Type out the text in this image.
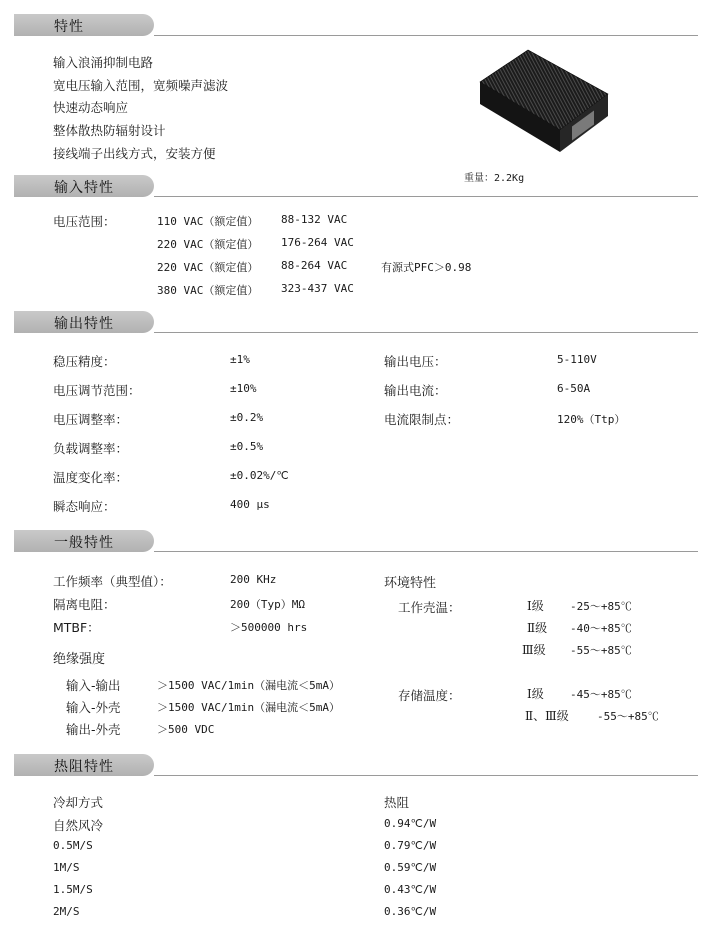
特性
输入浪涌抑制电路
宽电压输入范围，宽频噪声滤波
快速动态响应
整体散热防辐射设计
接线端子出线方式，安装方便
重量：2.2Kg
输入特性
电压范围：	110 VAC（额定值） 88-132 VAC
220 VAC（额定值） 176-264 VAC
220 VAC（额定值） 88-264 VAC	有源式PFC＞0.98
380 VAC（额定值） 323-437 VAC
输出特性
稳压精度：	±1%
电压调节范围：	±10%
电压调整率：	±0.2%
负载调整率：	±0.5%
温度变化率：	±0.02%/℃
瞬态响应：	400 μs
输出电压：	5-110V
输出电流：	6-50A
电流限制点：	120%（Ttp）
一般特性
工作频率（典型值）：	200 KHz
隔离电阻：	200（Typ）MΩ
MTBF：	＞500000 hrs
绝缘强度
输入-输出	＞1500 VAC/1min（漏电流＜5mA）
输入-外壳	＞1500 VAC/1min（漏电流＜5mA）
输出-外壳	＞500 VDC
环境特性
工作壳温：	Ⅰ级 -25～+85℃
Ⅱ级 -40～+85℃
Ⅲ级 -55～+85℃
存储温度：	Ⅰ级 -45～+85℃
Ⅱ、Ⅲ级	-55～+85℃
热阻特性
冷却方式	热阻
自然风冷	0.94℃/W
0.5M/S	0.79℃/W
1M/S	0.59℃/W
1.5M/S	0.43℃/W
2M/S	0.36℃/W
